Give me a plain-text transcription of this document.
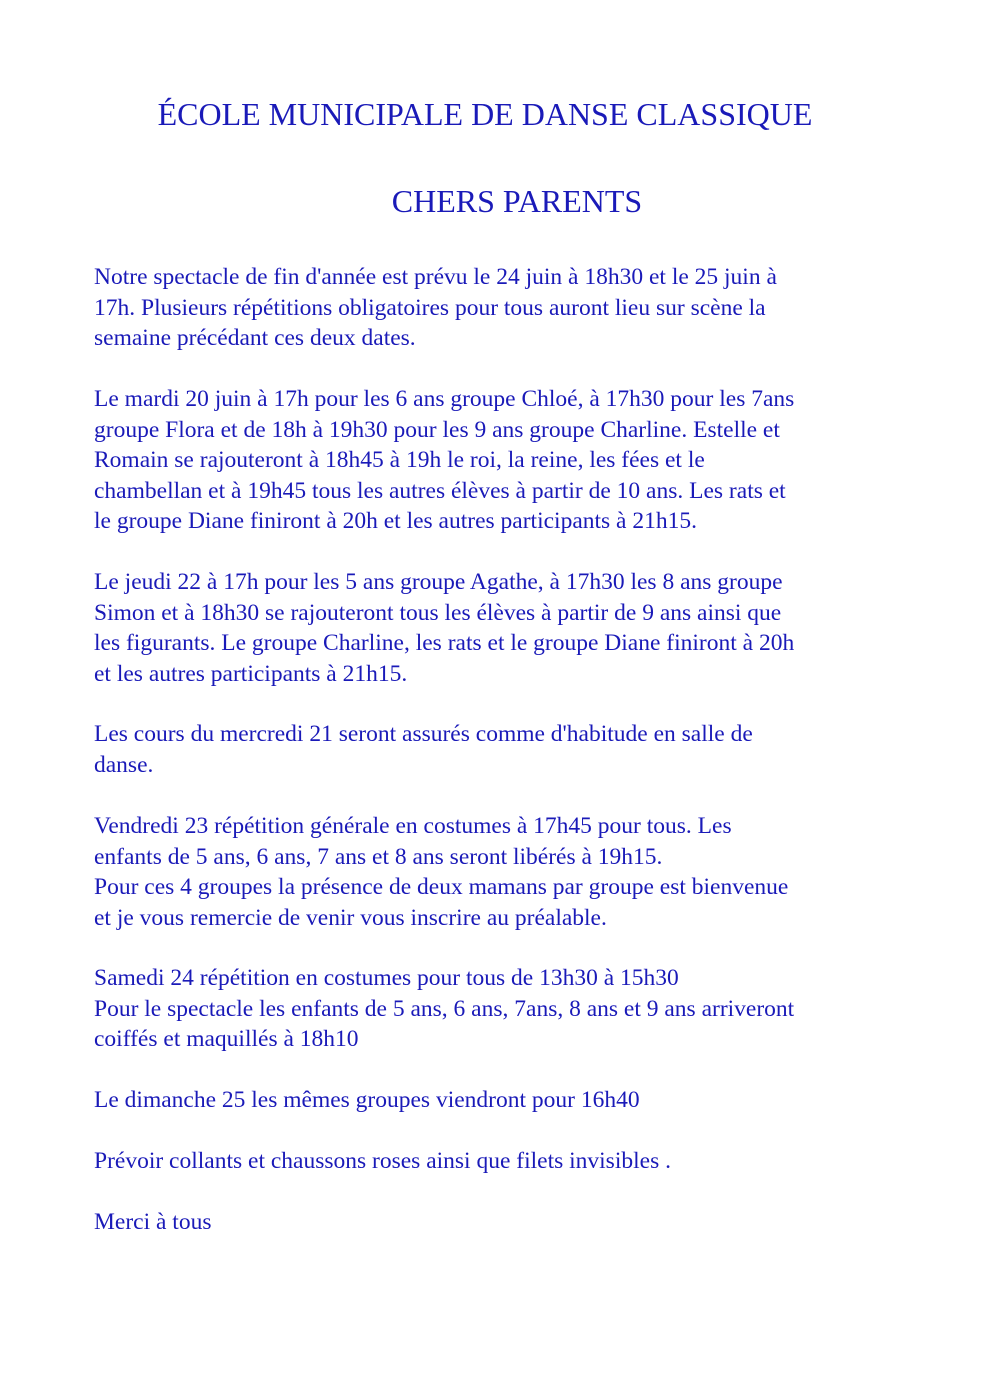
ÉCOLE MUNICIPALE DE DANSE CLASSIQUE
CHERS PARENTS

Notre spectacle de fin d'année est prévu le 24 juin à 18h30 et le 25 juin à
17h. Plusieurs répétitions obligatoires pour tous auront lieu sur scène la
semaine précédant ces deux dates.

Le mardi 20 juin à 17h pour les 6 ans groupe Chloé, à 17h30 pour les 7ans
groupe Flora et de 18h à 19h30 pour les 9 ans groupe Charline. Estelle et
Romain se rajouteront à 18h45 à 19h le roi, la reine, les fées et le
chambellan et à 19h45 tous les autres élèves à partir de 10 ans. Les rats et
le groupe Diane finiront à 20h et les autres participants à 21h15.

Le jeudi 22 à 17h pour les 5 ans groupe Agathe, à 17h30 les 8 ans groupe
Simon et à 18h30 se rajouteront tous les élèves à partir de 9 ans ainsi que
les figurants. Le groupe Charline, les rats et le groupe Diane finiront à 20h
et les autres participants à 21h15.

Les cours du mercredi 21 seront assurés comme d'habitude en salle de
danse.

Vendredi 23 répétition générale en costumes à 17h45 pour tous. Les
enfants de 5 ans, 6 ans, 7 ans et 8 ans seront libérés à 19h15.
Pour ces 4 groupes la présence de deux mamans par groupe est bienvenue
et je vous remercie de venir vous inscrire au préalable.

Samedi 24 répétition en costumes pour tous de 13h30 à 15h30
Pour le spectacle les enfants de 5 ans, 6 ans, 7ans, 8 ans et 9 ans arriveront
coiffés et maquillés à 18h10

Le dimanche 25 les mêmes groupes viendront pour 16h40

Prévoir collants et chaussons roses ainsi que filets invisibles .

Merci à tous
